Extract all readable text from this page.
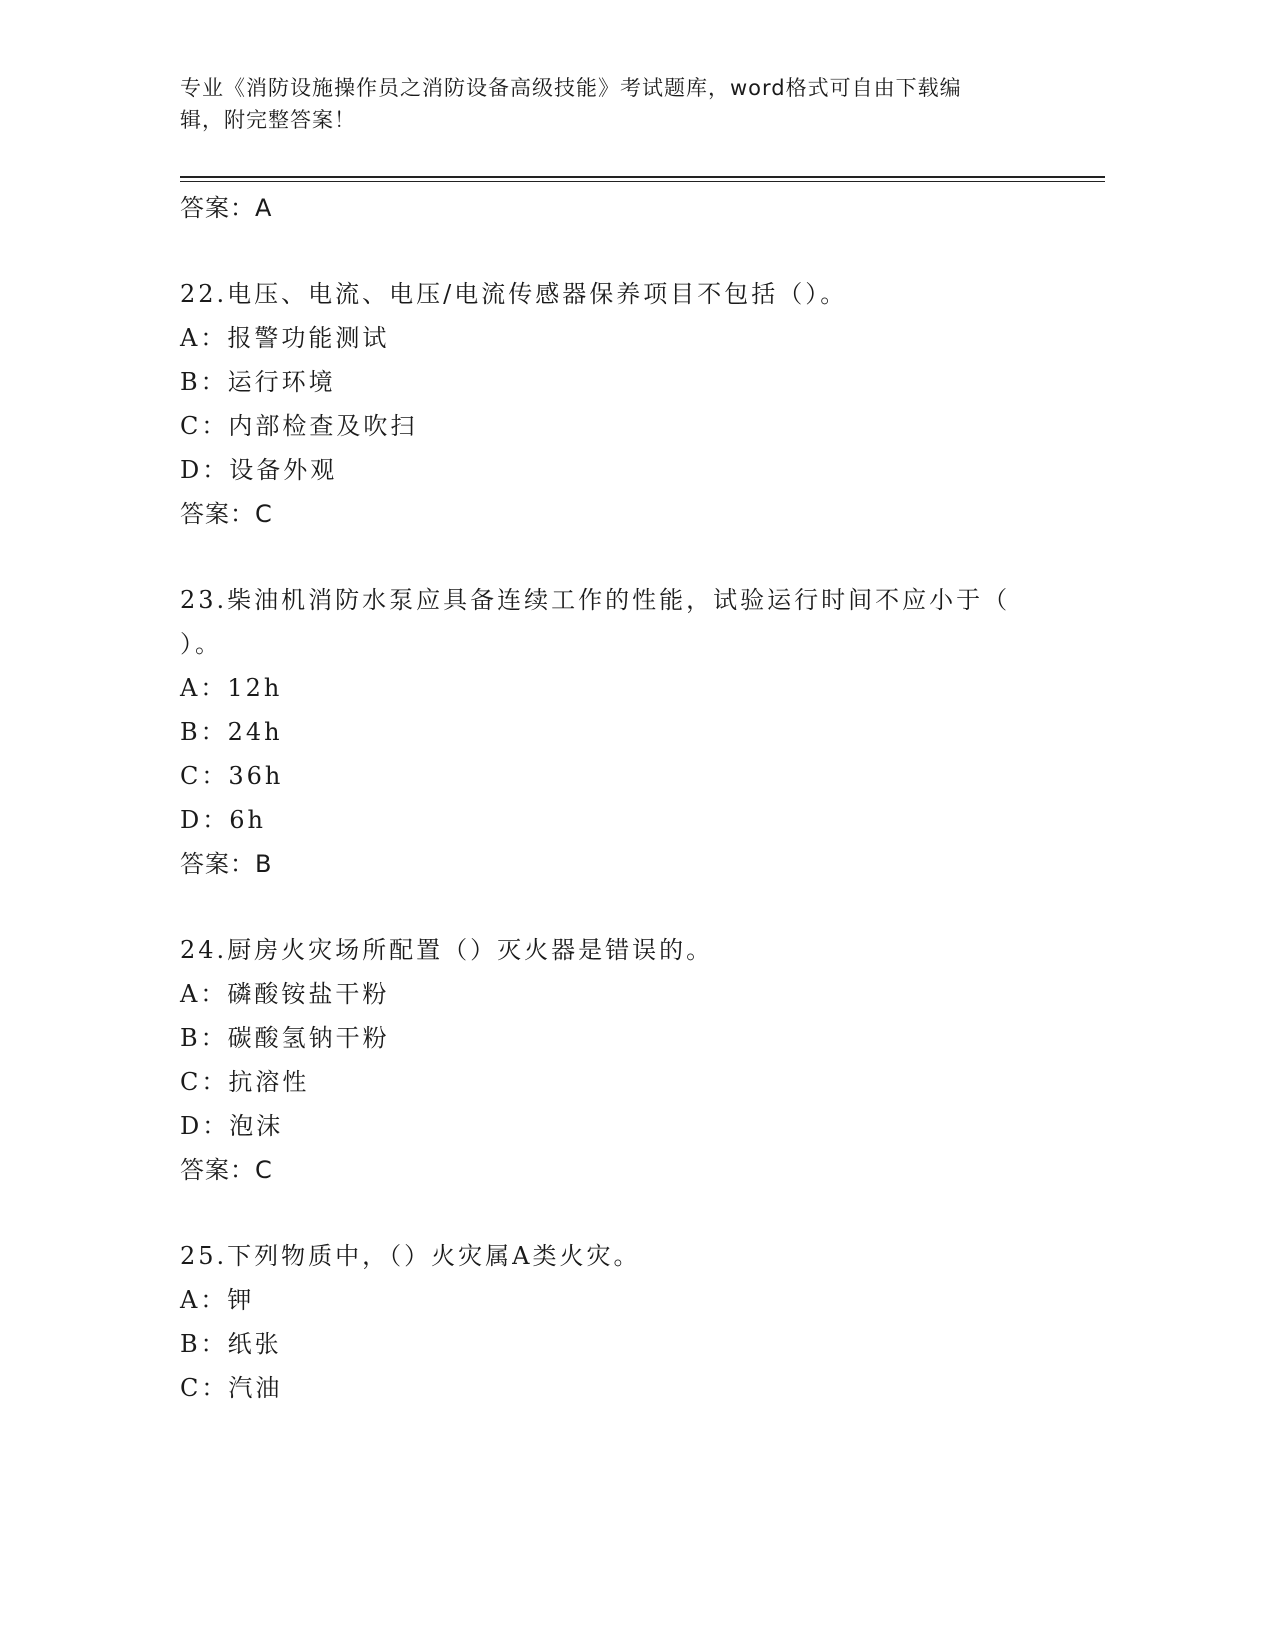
专业《消防设施操作员之消防设备高级技能》考试题库，word格式可自由下载编
辑，附完整答案！
答案：A
22.电压、电流、电压/电流传感器保养项目不包括（）。
A：报警功能测试
B：运行环境
C：内部检查及吹扫
D：设备外观
答案：C
23.柴油机消防水泵应具备连续工作的性能，试验运行时间不应小于（
）。
A：12h
B：24h
C：36h
D：6h
答案：B
24.厨房火灾场所配置（）灭火器是错误的。
A：磷酸铵盐干粉
B：碳酸氢钠干粉
C：抗溶性
D：泡沫
答案：C
25.下列物质中，（）火灾属A类火灾。
A：钾
B：纸张
C：汽油
